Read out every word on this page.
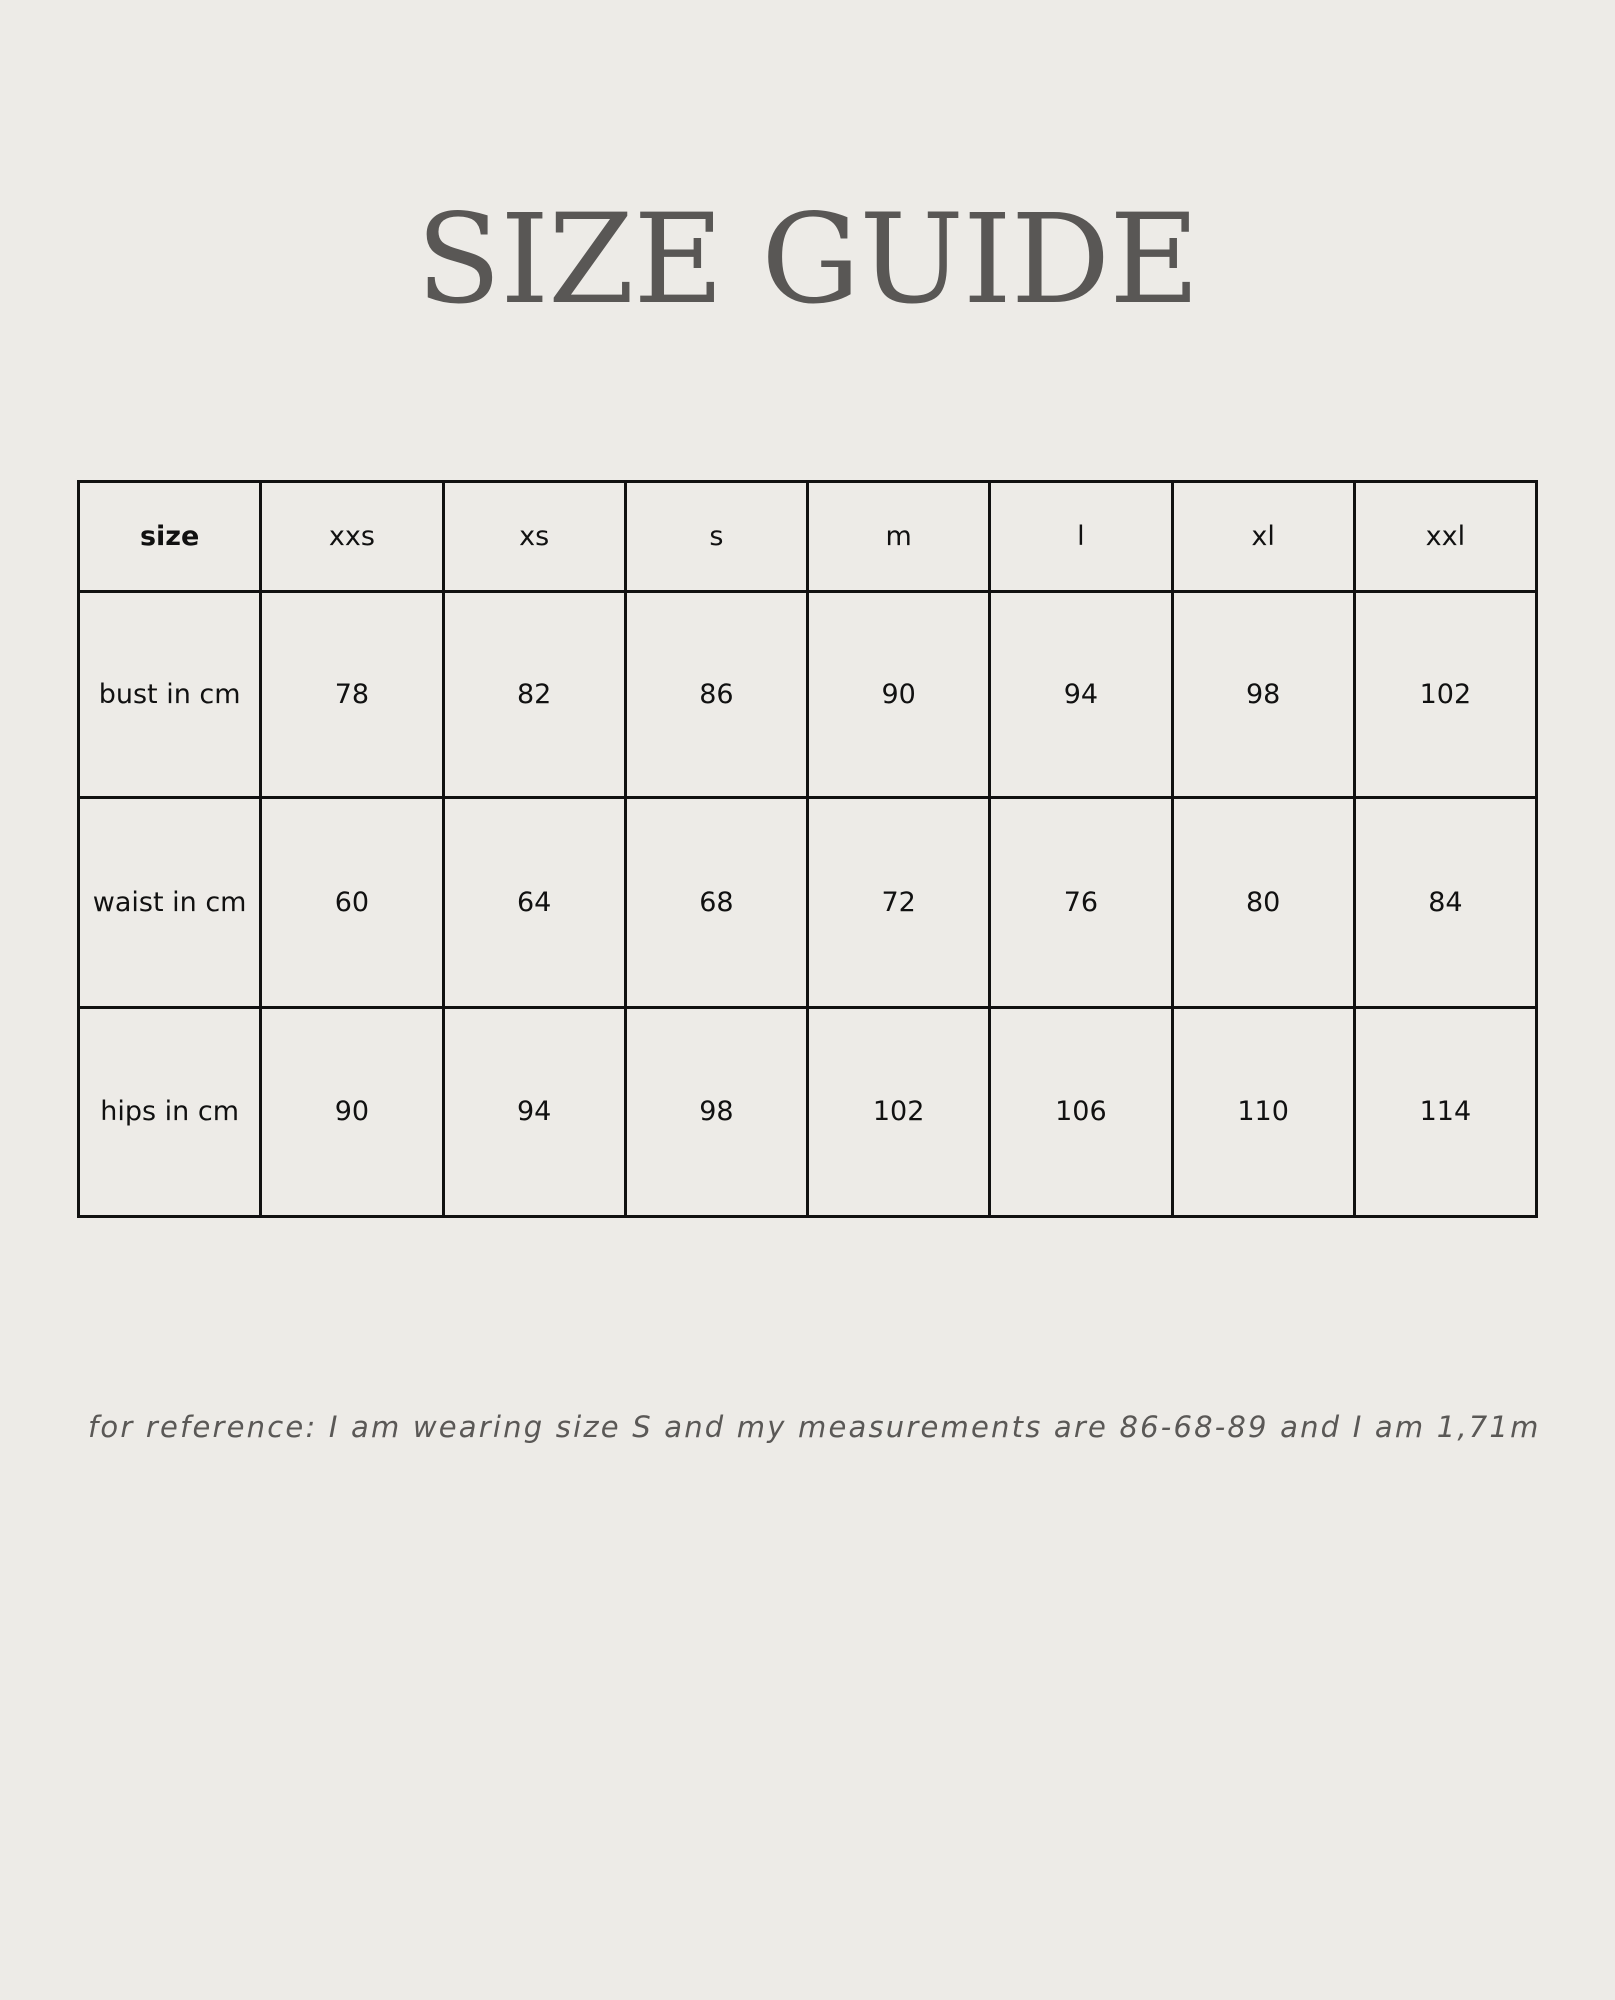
SIZE GUIDE
size	xxs	xs	s	m	l	xl	xxl
bust in cm	78	82	86	90	94	98	102
waist in cm	60	64	68	72	76	80	84
hips in cm	90	94	98	102	106	110	114

for reference: I am wearing size S and my measurements are 86-68-89 and I am 1,71m
